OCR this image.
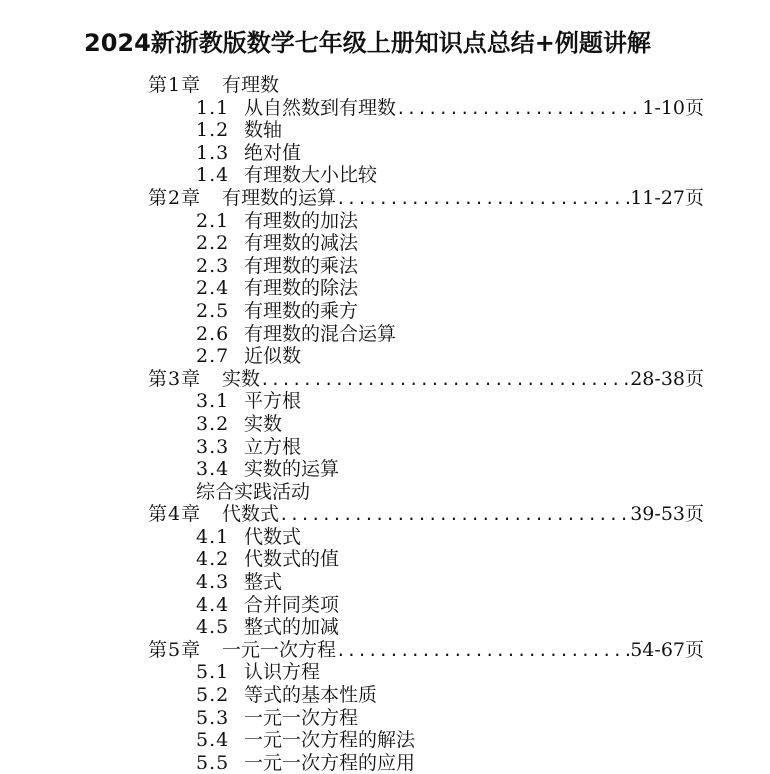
2024新浙教版数学七年级上册知识点总结+例题讲解
第1章	有理数
1.1 从自然数到有理数 .....	1-10页
1.2 数轴
1.3 绝对值
1.4 有理数大小比较
第2章	有理数的运算 .....	11-27页
2.1 有理数的加法
2.2 有理数的减法
2.3 有理数的乘法
2.4 有理数的除法
2.5 有理数的乘方
2.6 有理数的混合运算
2.7 近似数
第3章	实数 .....	28-38页
3.1 平方根
3.2 实数
3.3 立方根
3.4 实数的运算
综合实践活动
第4章	代数式 .....	39-53页
4.1 代数式
4.2 代数式的值
4.3 整式
4.4 合并同类项
4.5 整式的加减
第5章	一元一次方程 .....	54-67页
5.1 认识方程
5.2 等式的基本性质
5.3 一元一次方程
5.4 一元一次方程的解法
5.5 一元一次方程的应用
